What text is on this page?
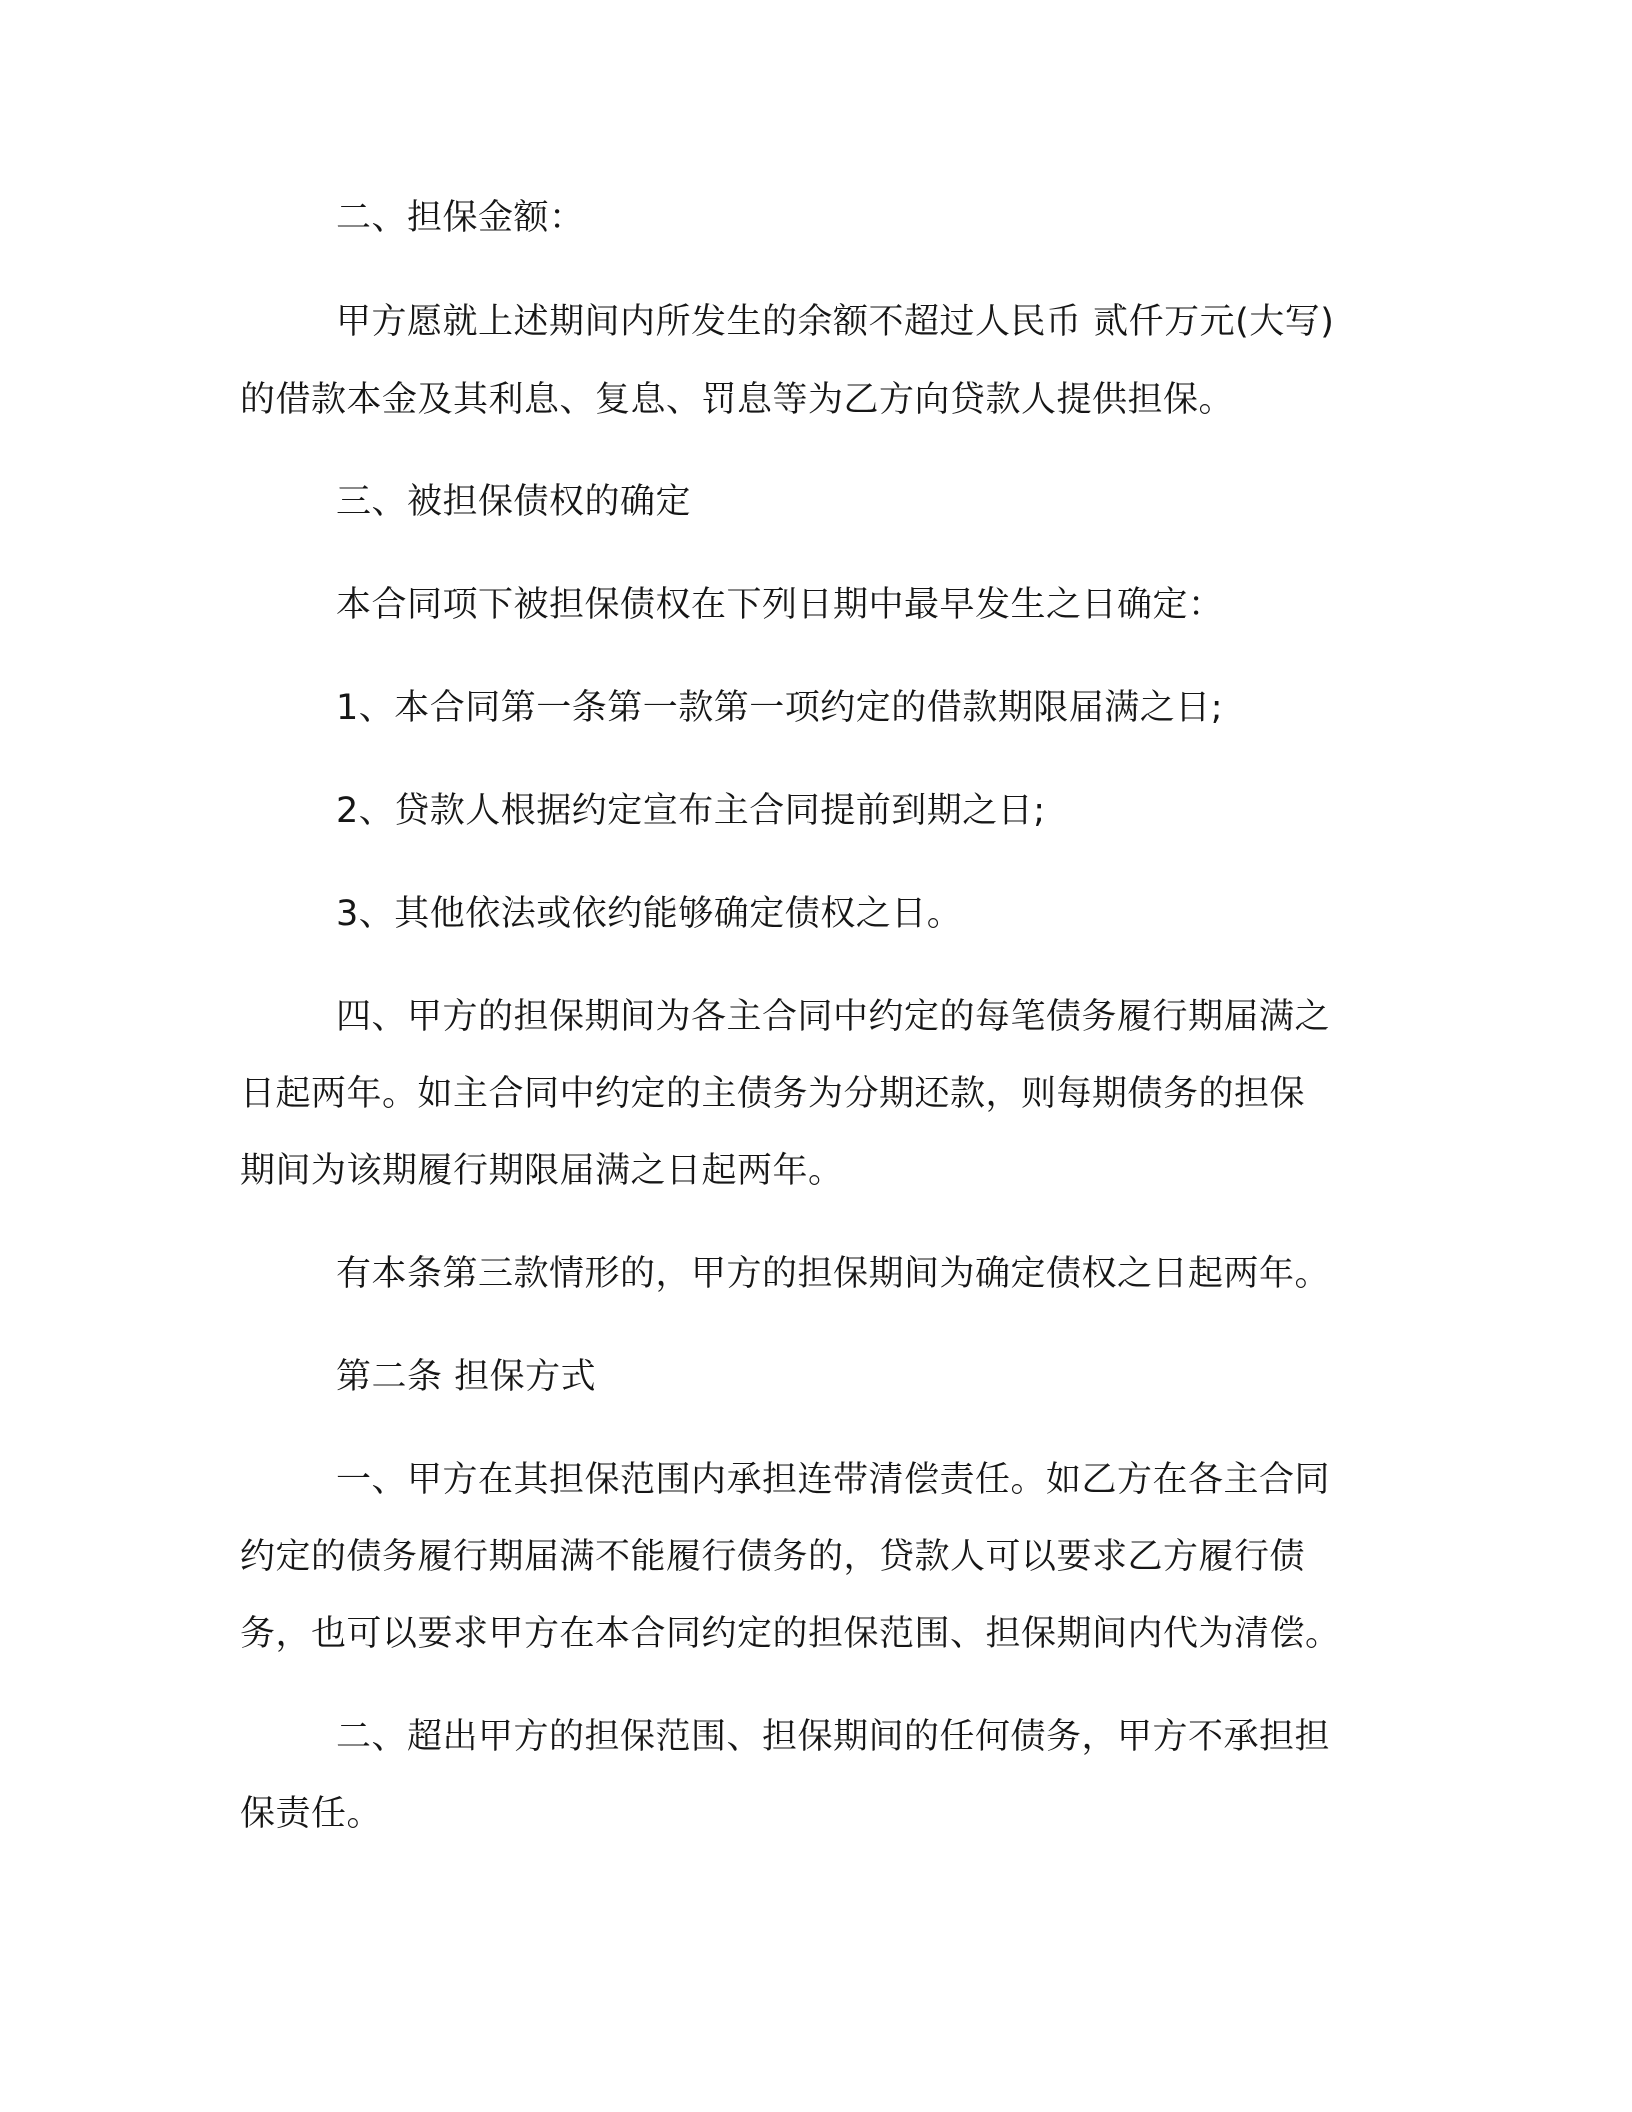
二、担保金额：

甲方愿就上述期间内所发生的余额不超过人民币 贰仟万元(大写)

的借款本金及其利息、复息、罚息等为乙方向贷款人提供担保。

三、被担保债权的确定

本合同项下被担保债权在下列日期中最早发生之日确定：

1、本合同第一条第一款第一项约定的借款期限届满之日;

2、贷款人根据约定宣布主合同提前到期之日;

3、其他依法或依约能够确定债权之日。

四、甲方的担保期间为各主合同中约定的每笔债务履行期届满之

日起两年。如主合同中约定的主债务为分期还款，则每期债务的担保

期间为该期履行期限届满之日起两年。

有本条第三款情形的，甲方的担保期间为确定债权之日起两年。

第二条 担保方式

一、甲方在其担保范围内承担连带清偿责任。如乙方在各主合同

约定的债务履行期届满不能履行债务的，贷款人可以要求乙方履行债

务，也可以要求甲方在本合同约定的担保范围、担保期间内代为清偿。

二、超出甲方的担保范围、担保期间的任何债务，甲方不承担担

保责任。
